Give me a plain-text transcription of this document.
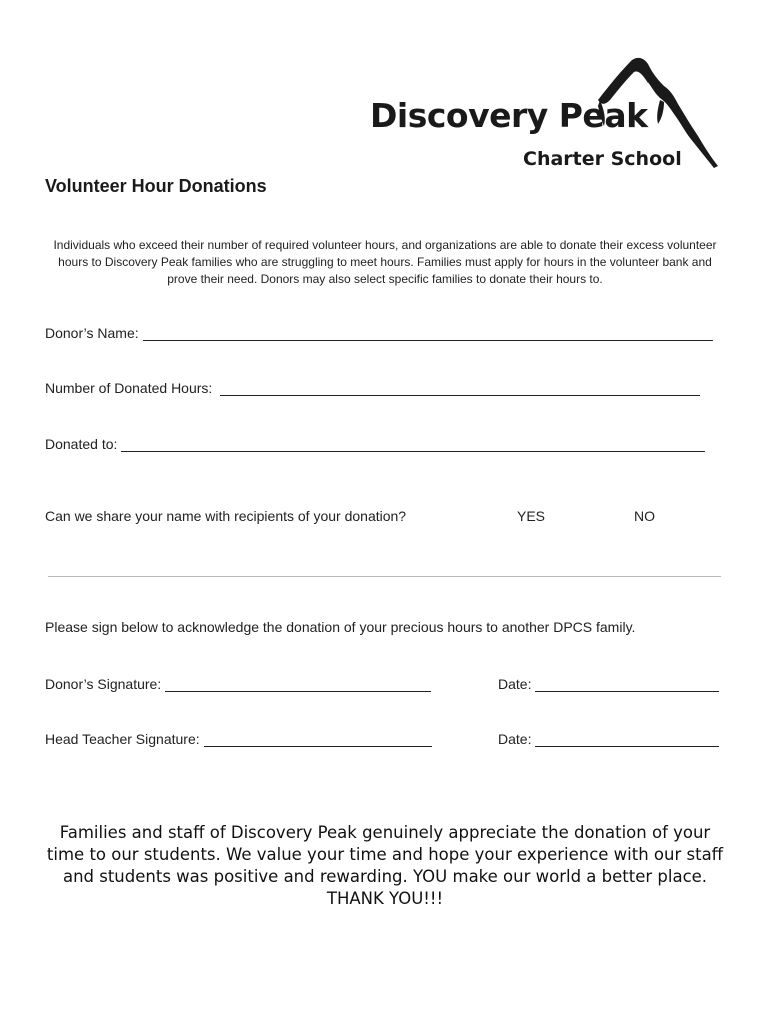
Discovery Peak
Charter School
Volunteer Hour Donations
Individuals who exceed their number of required volunteer hours, and organizations are able to donate their excess volunteer hours to Discovery Peak families who are struggling to meet hours. Families must apply for hours in the volunteer bank and prove their need. Donors may also select specific families to donate their hours to.
Donor’s Name:
Number of Donated Hours:
Donated to:
Can we share your name with recipients of your donation?	YES	NO
Please sign below to acknowledge the donation of your precious hours to another DPCS family.
Donor’s Signature:	Date:
Head Teacher Signature:	Date:
Families and staff of Discovery Peak genuinely appreciate the donation of your time to our students. We value your time and hope your experience with our staff and students was positive and rewarding. YOU make our world a better place.
THANK YOU!!!
